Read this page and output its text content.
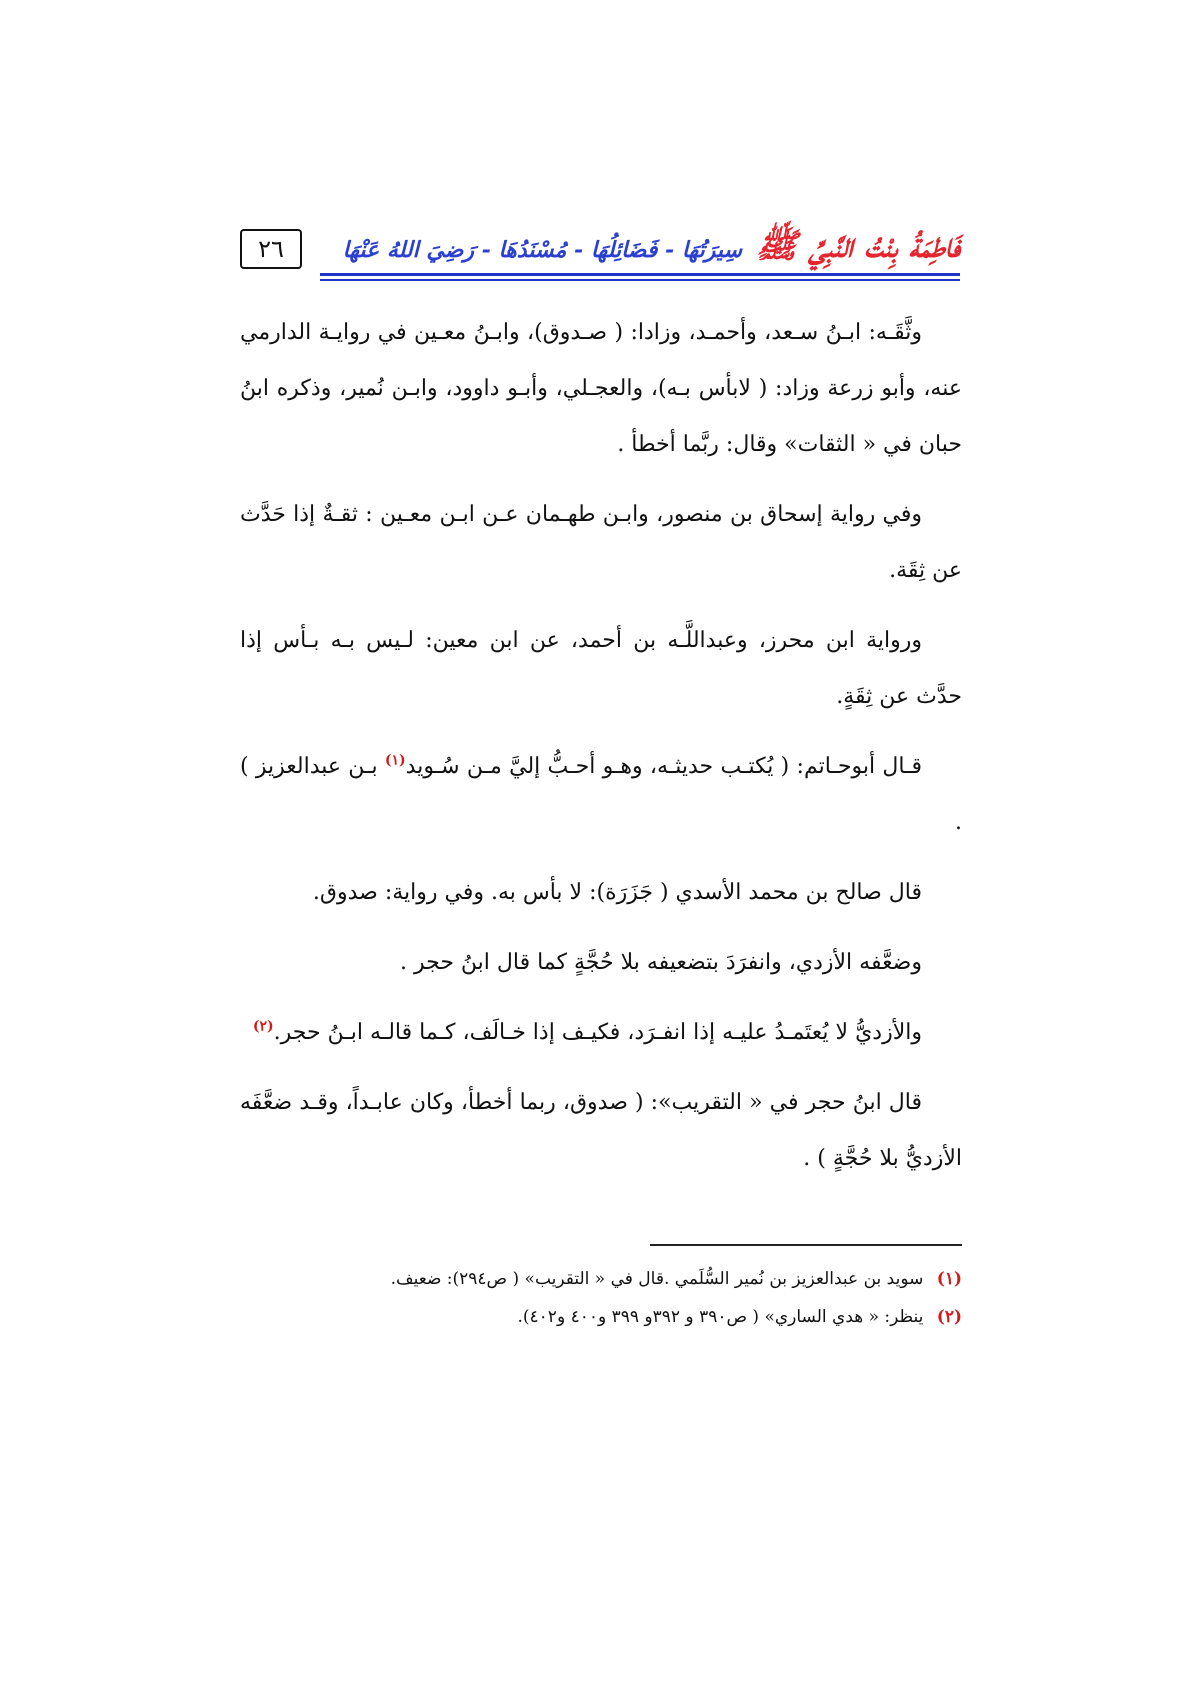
٢٦	فَاطِمَةُ بِنْتُ النَّبِيِّ ﷺ سِيرَتُهَا - فَضَائِلُهَا - مُسْنَدُهَا - رَضِيَ اللهُ عَنْهَا

وثَّقَـه: ابـنُ سـعد، وأحمـد، وزادا: ( صـدوق)، وابـنُ معـين في روايـة الدارمي عنه، وأبو زرعة وزاد: ( لابأس بـه)، والعجـلي، وأبـو داوود، وابـن نُمير، وذكره ابنُ حبان في « الثقات» وقال: ربَّما أخطأ .

وفي رواية إسحاق بن منصور، وابـن طهـمان عـن ابـن معـين : ثقـةٌ إذا حَدَّث عن ثِقَة.

ورواية ابن محرز، وعبداللَّـه بن أحمد، عن ابن معين: لـيس بـه بـأس إذا حدَّث عن ثِقَةٍ.

قـال أبوحـاتم: ( يُكتـب حديثـه، وهـو أحـبُّ إليَّ مـن سُـويد$^{(١)}$ بـن عبدالعزيز ) .

قال صالح بن محمد الأسدي ( جَزَرَة): لا بأس به. وفي رواية: صدوق.

وضعَّفه الأزدي، وانفرَدَ بتضعيفه بلا حُجَّةٍ كما قال ابنُ حجر .

والأزديُّ لا يُعتَمـدُ عليـه إذا انفـرَد، فكيـف إذا خـالَف، كـما قالـه ابـنُ حجر.$^{(٢)}$

قال ابنُ حجر في « التقريب»: ( صدوق، ربما أخطأ، وكان عابـداً، وقـد ضعَّفَه الأزديُّ بلا حُجَّةٍ ) .

(١) سويد بن عبدالعزيز بن نُمير السُّلَمي .قال في « التقريب» ( ص٢٩٤): ضعيف.
(٢) ينظر: « هدي الساري» ( ص٣٩٠ و ٣٩٢و ٣٩٩ و٤٠٠ و٤٠٢).
